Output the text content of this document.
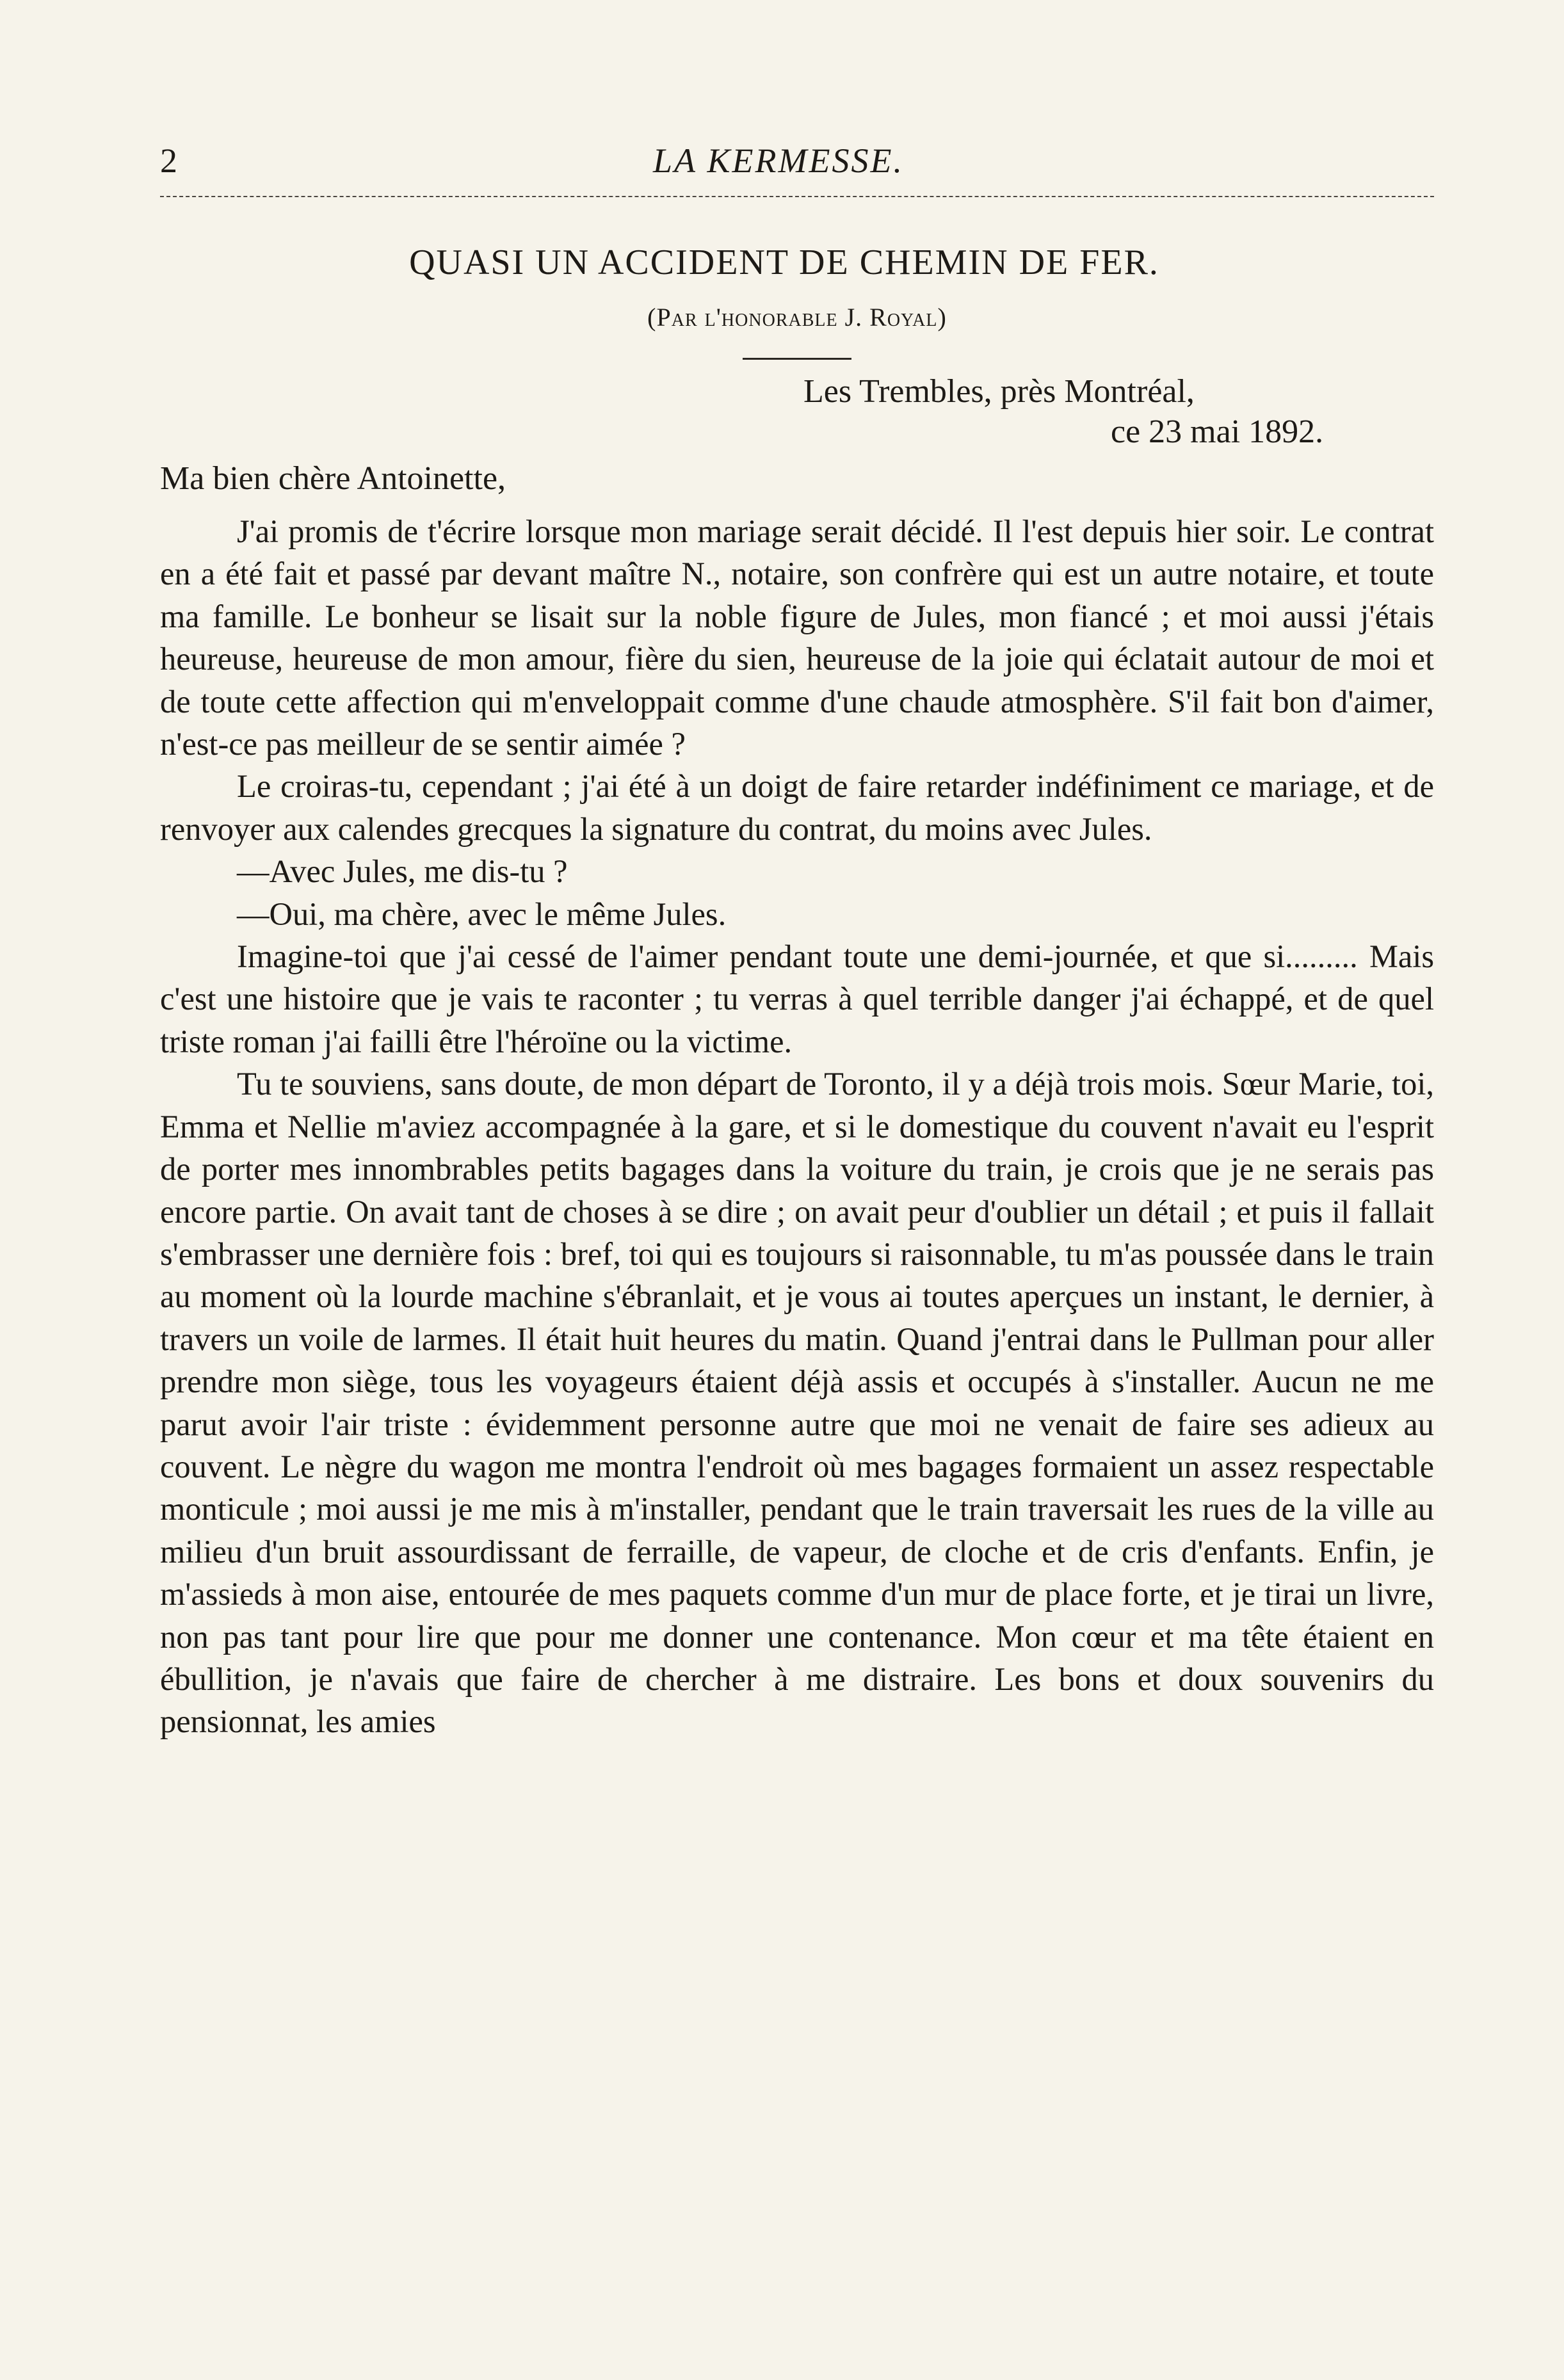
2	LA KERMESSE.
QUASI UN ACCIDENT DE CHEMIN DE FER.
(Par l'honorable J. Royal)
Les Trembles, près Montréal,
ce 23 mai 1892.
Ma bien chère Antoinette,

J'ai promis de t'écrire lorsque mon mariage serait décidé. Il l'est depuis hier soir. Le contrat en a été fait et passé par devant maître N., notaire, son confrère qui est un autre notaire, et toute ma famille. Le bonheur se lisait sur la noble figure de Jules, mon fiancé ; et moi aussi j'étais heureuse, heureuse de mon amour, fière du sien, heureuse de la joie qui éclatait autour de moi et de toute cette affection qui m'enveloppait comme d'une chaude atmosphère. S'il fait bon d'aimer, n'est-ce pas meilleur de se sentir aimée ?

Le croiras-tu, cependant ; j'ai été à un doigt de faire retarder indéfiniment ce mariage, et de renvoyer aux calendes grecques la signature du contrat, du moins avec Jules.

—Avec Jules, me dis-tu ?

—Oui, ma chère, avec le même Jules.

Imagine-toi que j'ai cessé de l'aimer pendant toute une demi-journée, et que si......... Mais c'est une histoire que je vais te raconter ; tu verras à quel terrible danger j'ai échappé, et de quel triste roman j'ai failli être l'héroïne ou la victime.

Tu te souviens, sans doute, de mon départ de Toronto, il y a déjà trois mois. Sœur Marie, toi, Emma et Nellie m'aviez accompagnée à la gare, et si le domestique du couvent n'avait eu l'esprit de porter mes innombrables petits bagages dans la voiture du train, je crois que je ne serais pas encore partie. On avait tant de choses à se dire ; on avait peur d'oublier un détail ; et puis il fallait s'embrasser une dernière fois : bref, toi qui es toujours si raisonnable, tu m'as poussée dans le train au moment où la lourde machine s'ébranlait, et je vous ai toutes aperçues un instant, le dernier, à travers un voile de larmes. Il était huit heures du matin. Quand j'entrai dans le Pullman pour aller prendre mon siège, tous les voyageurs étaient déjà assis et occupés à s'installer. Aucun ne me parut avoir l'air triste : évidemment personne autre que moi ne venait de faire ses adieux au couvent. Le nègre du wagon me montra l'endroit où mes bagages formaient un assez respectable monticule ; moi aussi je me mis à m'installer, pendant que le train traversait les rues de la ville au milieu d'un bruit assourdissant de ferraille, de vapeur, de cloche et de cris d'enfants. Enfin, je m'assieds à mon aise, entourée de mes paquets comme d'un mur de place forte, et je tirai un livre, non pas tant pour lire que pour me donner une contenance. Mon cœur et ma tête étaient en ébullition, je n'avais que faire de chercher à me distraire. Les bons et doux souvenirs du pensionnat, les amies
